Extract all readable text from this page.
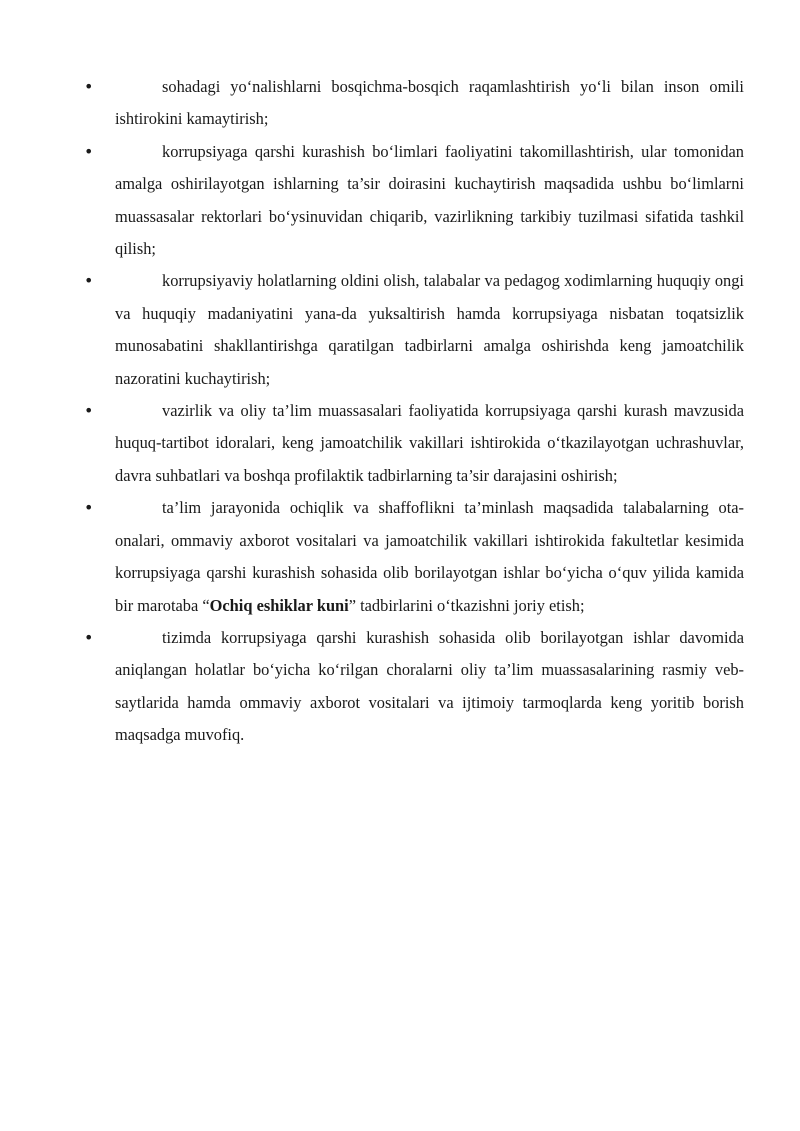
•	sohadagi yo‘nalishlarni bosqichma-bosqich raqamlashtirish yo‘li bilan inson omili ishtirokini kamaytirish;

•	korrupsiyaga qarshi kurashish bo‘limlari faoliyatini takomillashtirish, ular tomonidan amalga oshirilayotgan ishlarning ta’sir doirasini kuchaytirish maqsadida ushbu bo‘limlarni muassasalar rektorlari bo‘ysinuvidan chiqarib, vazirlikning tarkibiy tuzilmasi sifatida tashkil qilish;

•	korrupsiyaviy holatlarning oldini olish, talabalar va pedagog xodimlarning huquqiy ongi va huquqiy madaniyatini yana-da yuksaltirish hamda korrupsiyaga nisbatan toqatsizlik munosabatini shakllantirishga qaratilgan tadbirlarni amalga oshirishda keng jamoatchilik nazoratini kuchaytirish;

•	vazirlik va oliy ta’lim muassasalari faoliyatida korrupsiyaga qarshi kurash mavzusida huquq-tartibot idoralari, keng jamoatchilik vakillari ishtirokida o‘tkazilayotgan uchrashuvlar, davra suhbatlari va boshqa profilaktik tadbirlarning ta’sir darajasini oshirish;

•	ta’lim jarayonida ochiqlik va shaffoflikni ta’minlash maqsadida talabalarning ota-onalari, ommaviy axborot vositalari va jamoatchilik vakillari ishtirokida fakultetlar kesimida korrupsiyaga qarshi kurashish sohasida olib borilayotgan ishlar bo‘yicha o‘quv yilida kamida bir marotaba “Ochiq eshiklar kuni” tadbirlarini o‘tkazishni joriy etish;

•	tizimda korrupsiyaga qarshi kurashish sohasida olib borilayotgan ishlar davomida aniqlangan holatlar bo‘yicha ko‘rilgan choralarni oliy ta’lim muassasalarining rasmiy veb-saytlarida hamda ommaviy axborot vositalari va ijtimoiy tarmoqlarda keng yoritib borish maqsadga muvofiq.
